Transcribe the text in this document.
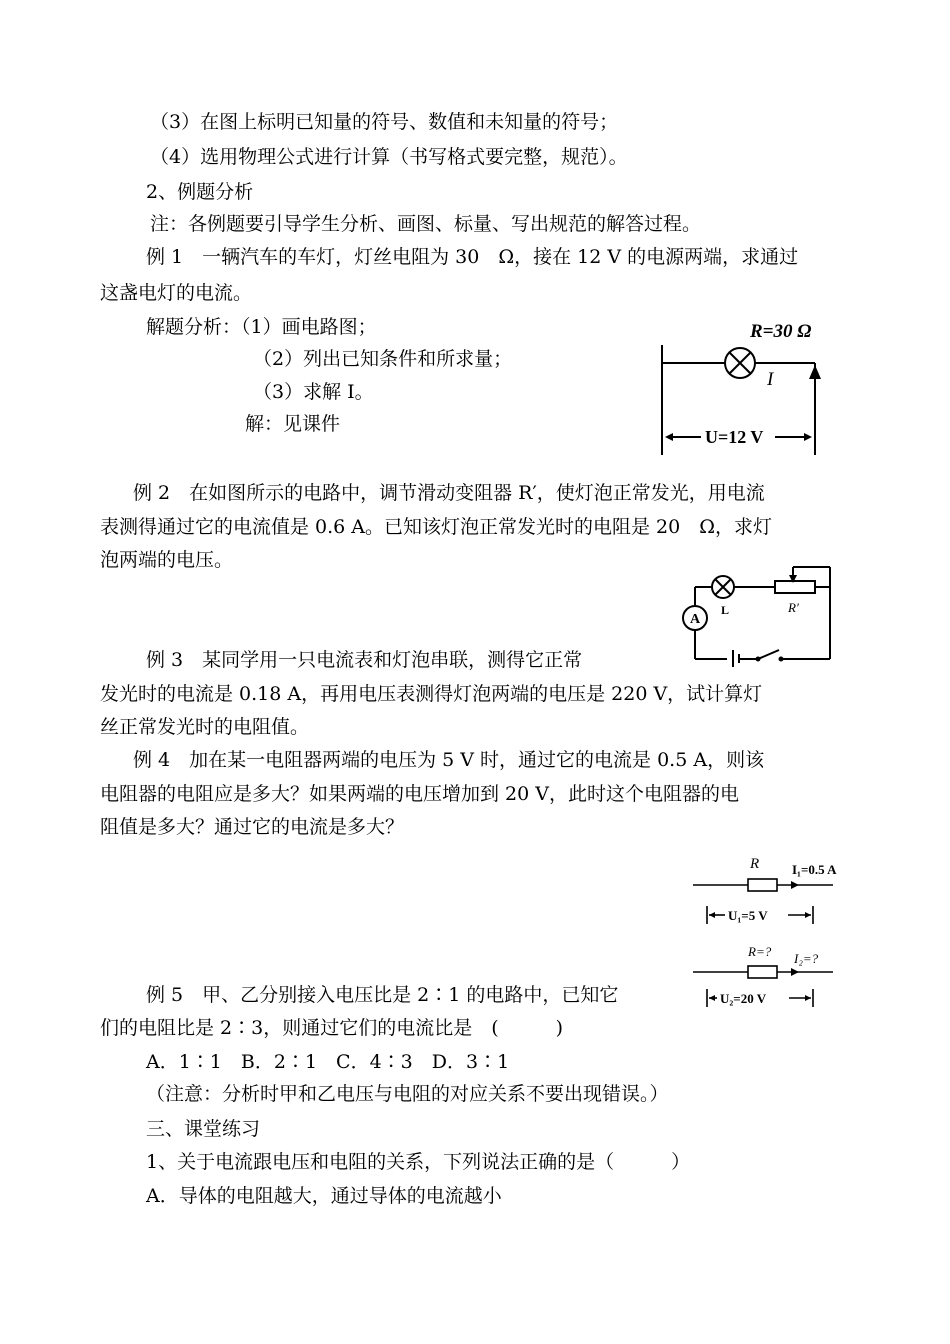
（3）在图上标明已知量的符号、数值和未知量的符号；
（4）选用物理公式进行计算（书写格式要完整，规范）。
2、例题分析
注：各例题要引导学生分析、画图、标量、写出规范的解答过程。
例 1　一辆汽车的车灯，灯丝电阻为 30　Ω，接在 12 V 的电源两端，求通过
这盏电灯的电流。
解题分析：（1）画电路图；
（2）列出已知条件和所求量；
（3）求解 I。
解：见课件
例 2　在如图所示的电路中，调节滑动变阻器 R′，使灯泡正常发光，用电流
表测得通过它的电流值是 0.6 A。已知该灯泡正常发光时的电阻是 20　Ω，求灯
泡两端的电压。
例 3　某同学用一只电流表和灯泡串联，测得它正常
发光时的电流是 0.18 A，再用电压表测得灯泡两端的电压是 220 V，试计算灯
丝正常发光时的电阻值。
例 4　加在某一电阻器两端的电压为 5 V 时，通过它的电流是 0.5 A，则该
电阻器的电阻应是多大？如果两端的电压增加到 20 V，此时这个电阻器的电
阻值是多大？通过它的电流是多大？
例 5　甲、乙分别接入电压比是 2∶1 的电路中，已知它
们的电阻比是 2∶3，则通过它们的电流比是　(　　　)
A．1∶1　B．2∶1　C．4∶3　D．3∶1
（注意：分析时甲和乙电压与电阻的对应关系不要出现错误。）
三、课堂练习
1、关于电流跟电压和电阻的关系，下列说法正确的是（　　　）
A．导体的电阻越大，通过导体的电流越小
R=30 Ω
I
U=12 V
A
L	R′
R	I₁=0.5 A
U₁=5 V
R=? I₂=?
U₂=20 V
